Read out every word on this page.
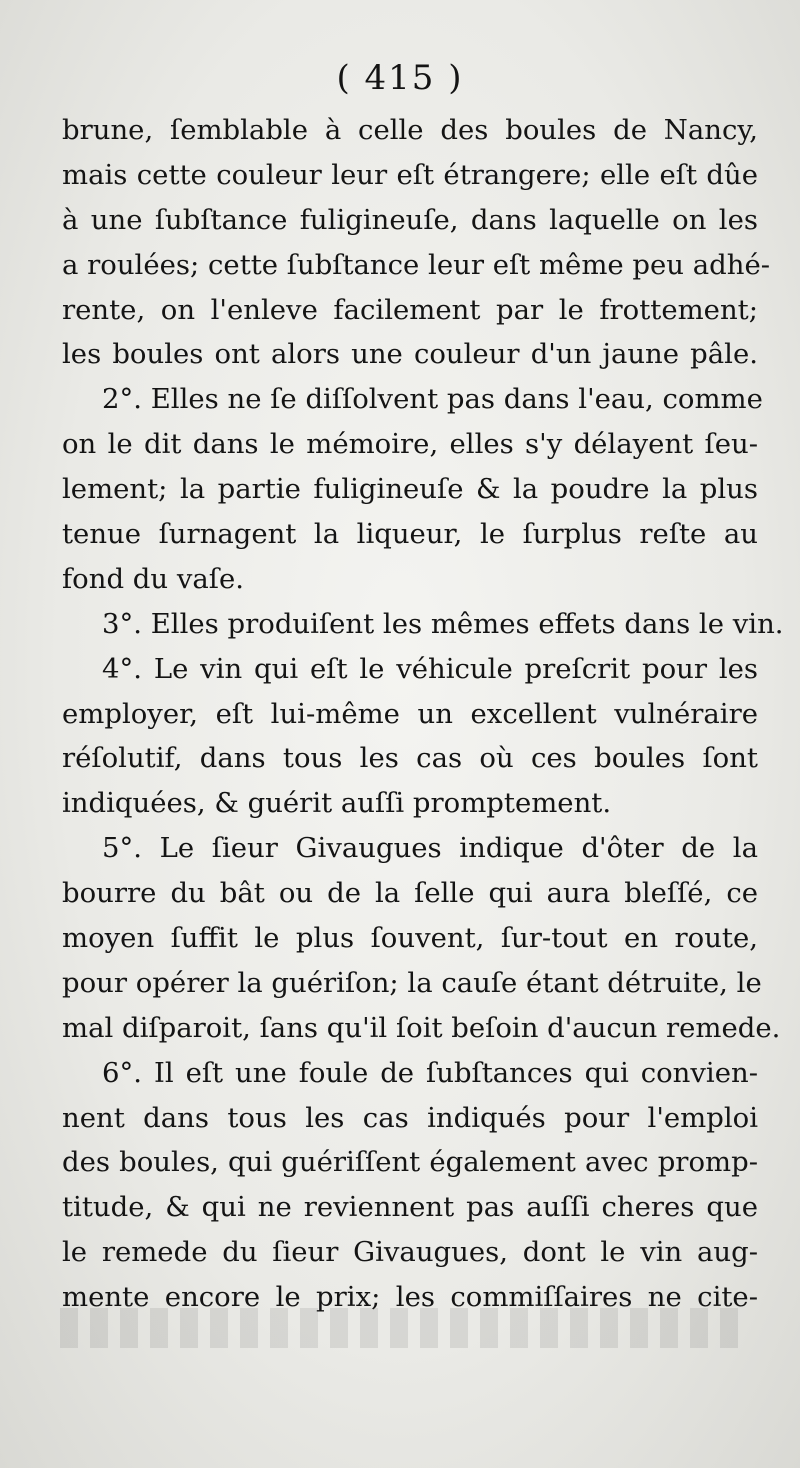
( 415 )
brune, ſemblable à celle des boules de Nancy,
mais cette couleur leur eſt étrangere; elle eſt dûe
à une ſubſtance fuligineuſe, dans laquelle on les
a roulées; cette ſubſtance leur eſt même peu adhé-
rente, on l'enleve facilement par le frottement;
les boules ont alors une couleur d'un jaune pâle.
2°. Elles ne ſe diſſolvent pas dans l'eau, comme
on le dit dans le mémoire, elles s'y délayent ſeu-
lement; la partie fuligineuſe & la poudre la plus
tenue ſurnagent la liqueur, le ſurplus reſte au
fond du vaſe.
3°. Elles produiſent les mêmes effets dans le vin.
4°. Le vin qui eſt le véhicule preſcrit pour les
employer, eſt lui-même un excellent vulnéraire
réſolutif, dans tous les cas où ces boules ſont
indiquées, & guérit auſſi promptement.
5°. Le ſieur Givaugues indique d'ôter de la
bourre du bât ou de la ſelle qui aura bleſſé, ce
moyen ſuffit le plus ſouvent, ſur-tout en route,
pour opérer la guériſon; la cauſe étant détruite, le
mal diſparoit, ſans qu'il ſoit beſoin d'aucun remede.
6°. Il eſt une foule de ſubſtances qui convien-
nent dans tous les cas indiqués pour l'emploi
des boules, qui guériſſent également avec promp-
titude, & qui ne reviennent pas auſſi cheres que
le remede du ſieur Givaugues, dont le vin aug-
mente encore le prix; les commiſſaires ne cite-
